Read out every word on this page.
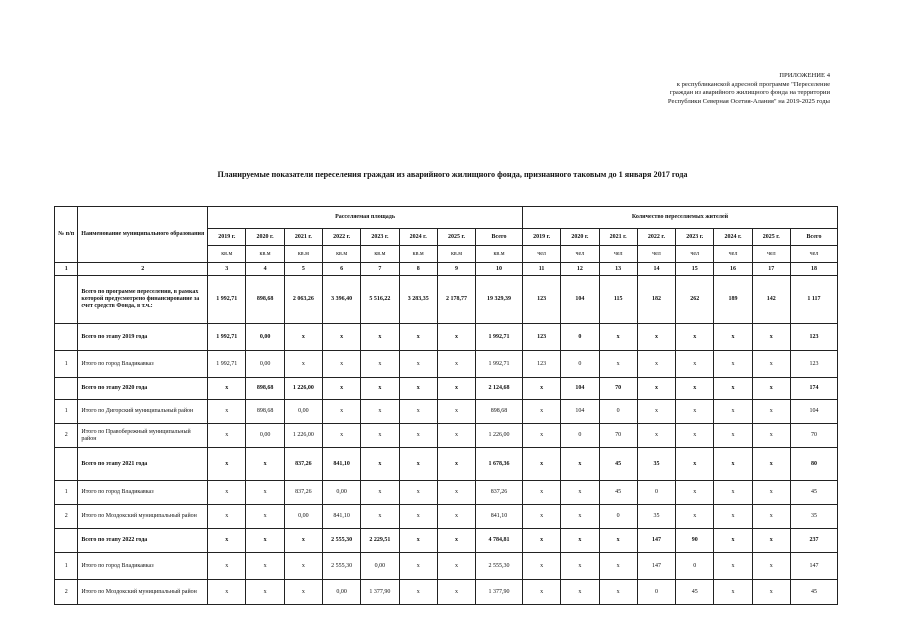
ПРИЛОЖЕНИЕ 4
к республиканской адресной программе "Переселение
граждан из аварийного жилищного фонда на территории
Республики Северная Осетия-Алания" на 2019-2025 годы
Планируемые показатели переселения граждан из аварийного жилищного фонда, признанного таковым до 1 января 2017 года
№ п/п	Наименование муниципального образования	Расселяемая площадь								Количество переселяемых жителей							
		2019 г.	2020 г.	2021 г.	2022 г.	2023 г.	2024 г.	2025 г.	Всего	2019 г.	2020 г.	2021 г.	2022 г.	2023 г.	2024 г.	2025 г.	Всего
		кв.м	кв.м	кв.м	кв.м	кв.м	кв.м	кв.м	кв.м	чел	чел	чел	чел	чел	чел	чел	чел
1	2	3	4	5	6	7	8	9	10	11	12	13	14	15	16	17	18
	Всего по программе переселения, в рамках которой предусмотрено финансирование за счет средств Фонда, в т.ч.:	1 992,71	898,68	2 063,26	3 396,40	5 516,22	3 283,35	2 178,77	19 329,39	123	104	115	182	262	189	142	1 117
	Всего по этапу 2019 года	1 992,71	0,00	х	х	х	х	х	1 992,71	123	0	х	х	х	х	х	123
1	Итого по город Владикавказ	1 992,71	0,00	х	х	х	х	х	1 992,71	123	0	х	х	х	х	х	123
	Всего по этапу 2020 года	х	898,68	1 226,00	х	х	х	х	2 124,68	х	104	70	х	х	х	х	174
1	Итого по Дигорский муниципальный район	х	898,68	0,00	х	х	х	х	898,68	х	104	0	х	х	х	х	104
2	Итого по Правобережный муниципальный район	х	0,00	1 226,00	х	х	х	х	1 226,00	х	0	70	х	х	х	х	70
	Всего по этапу 2021 года	х	х	837,26	841,10	х	х	х	1 678,36	х	х	45	35	х	х	х	80
1	Итого по город Владикавказ	х	х	837,26	0,00	х	х	х	837,26	х	х	45	0	х	х	х	45
2	Итого по Моздокский муниципальный район	х	х	0,00	841,10	х	х	х	841,10	х	х	0	35	х	х	х	35
	Всего по этапу 2022 года	х	х	х	2 555,30	2 229,51	х	х	4 784,81	х	х	х	147	90	х	х	237
1	Итого по город Владикавказ	х	х	х	2 555,30	0,00	х	х	2 555,30	х	х	х	147	0	х	х	147
2	Итого по Моздокский муниципальный район	х	х	х	0,00	1 377,90	х	х	1 377,90	х	х	х	0	45	х	х	45
